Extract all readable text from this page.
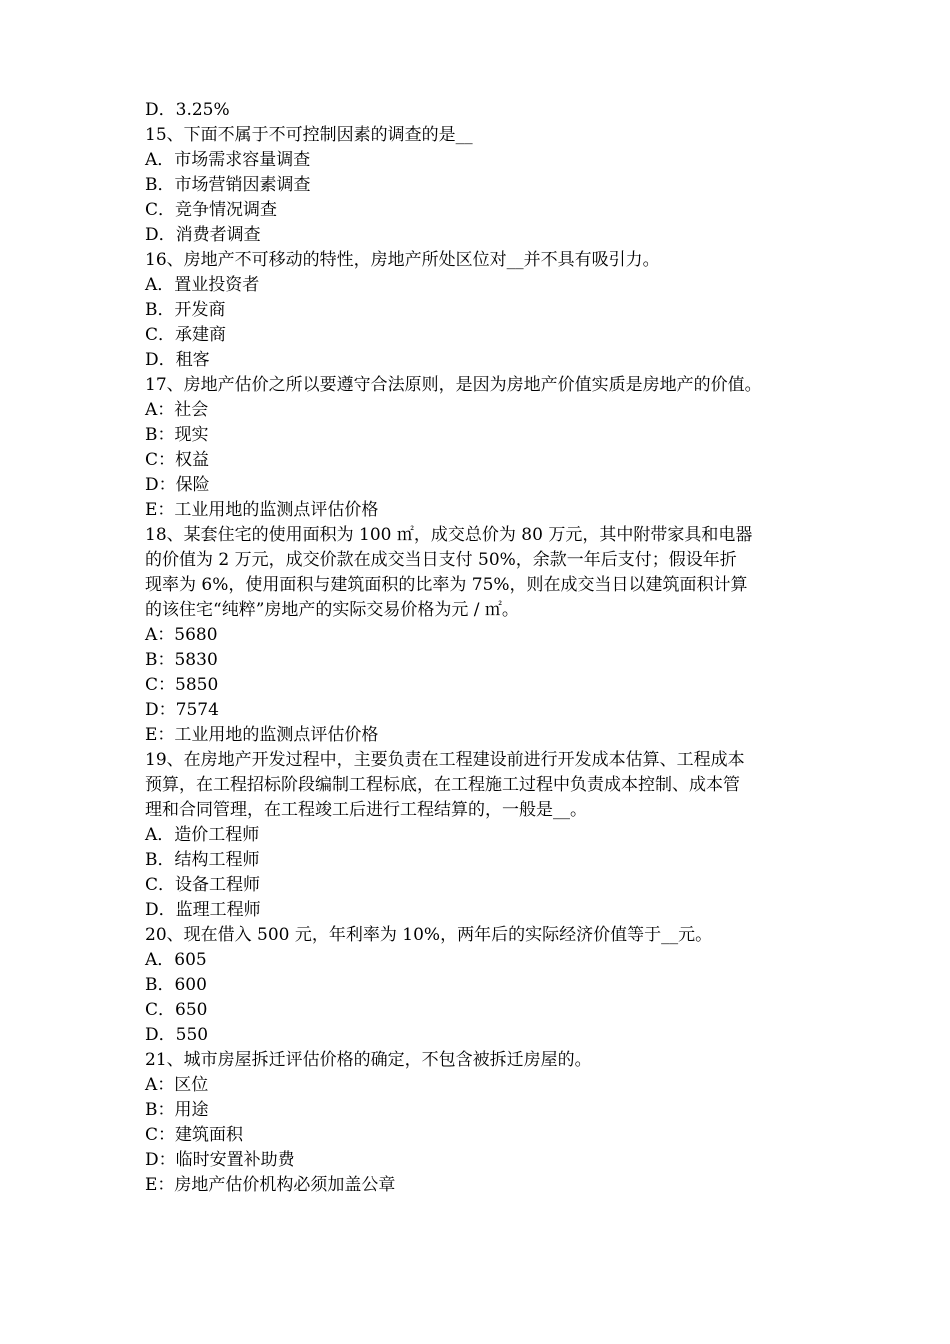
D．3.25%
15、下面不属于不可控制因素的调查的是__
A．市场需求容量调查
B．市场营销因素调查
C．竞争情况调查
D．消费者调查
16、房地产不可移动的特性，房地产所处区位对__并不具有吸引力。
A．置业投资者
B．开发商
C．承建商
D．租客
17、房地产估价之所以要遵守合法原则，是因为房地产价值实质是房地产的价值。
A：社会
B：现实
C：权益
D：保险
E：工业用地的监测点评估价格
18、某套住宅的使用面积为 100 ㎡，成交总价为 80 万元，其中附带家具和电器
的价值为 2 万元，成交价款在成交当日支付 50%，余款一年后支付；假设年折
现率为 6%，使用面积与建筑面积的比率为 75%，则在成交当日以建筑面积计算
的该住宅“纯粹”房地产的实际交易价格为元 / ㎡。
A：5680
B：5830
C：5850
D：7574
E：工业用地的监测点评估价格
19、在房地产开发过程中，主要负责在工程建设前进行开发成本估算、工程成本
预算，在工程招标阶段编制工程标底，在工程施工过程中负责成本控制、成本管
理和合同管理，在工程竣工后进行工程结算的，一般是__。
A．造价工程师
B．结构工程师
C．设备工程师
D．监理工程师
20、现在借入 500 元，年利率为 10%，两年后的实际经济价值等于__元。
A．605
B．600
C．650
D．550
21、城市房屋拆迁评估价格的确定，不包含被拆迁房屋的。
A：区位
B：用途
C：建筑面积
D：临时安置补助费
E：房地产估价机构必须加盖公章
